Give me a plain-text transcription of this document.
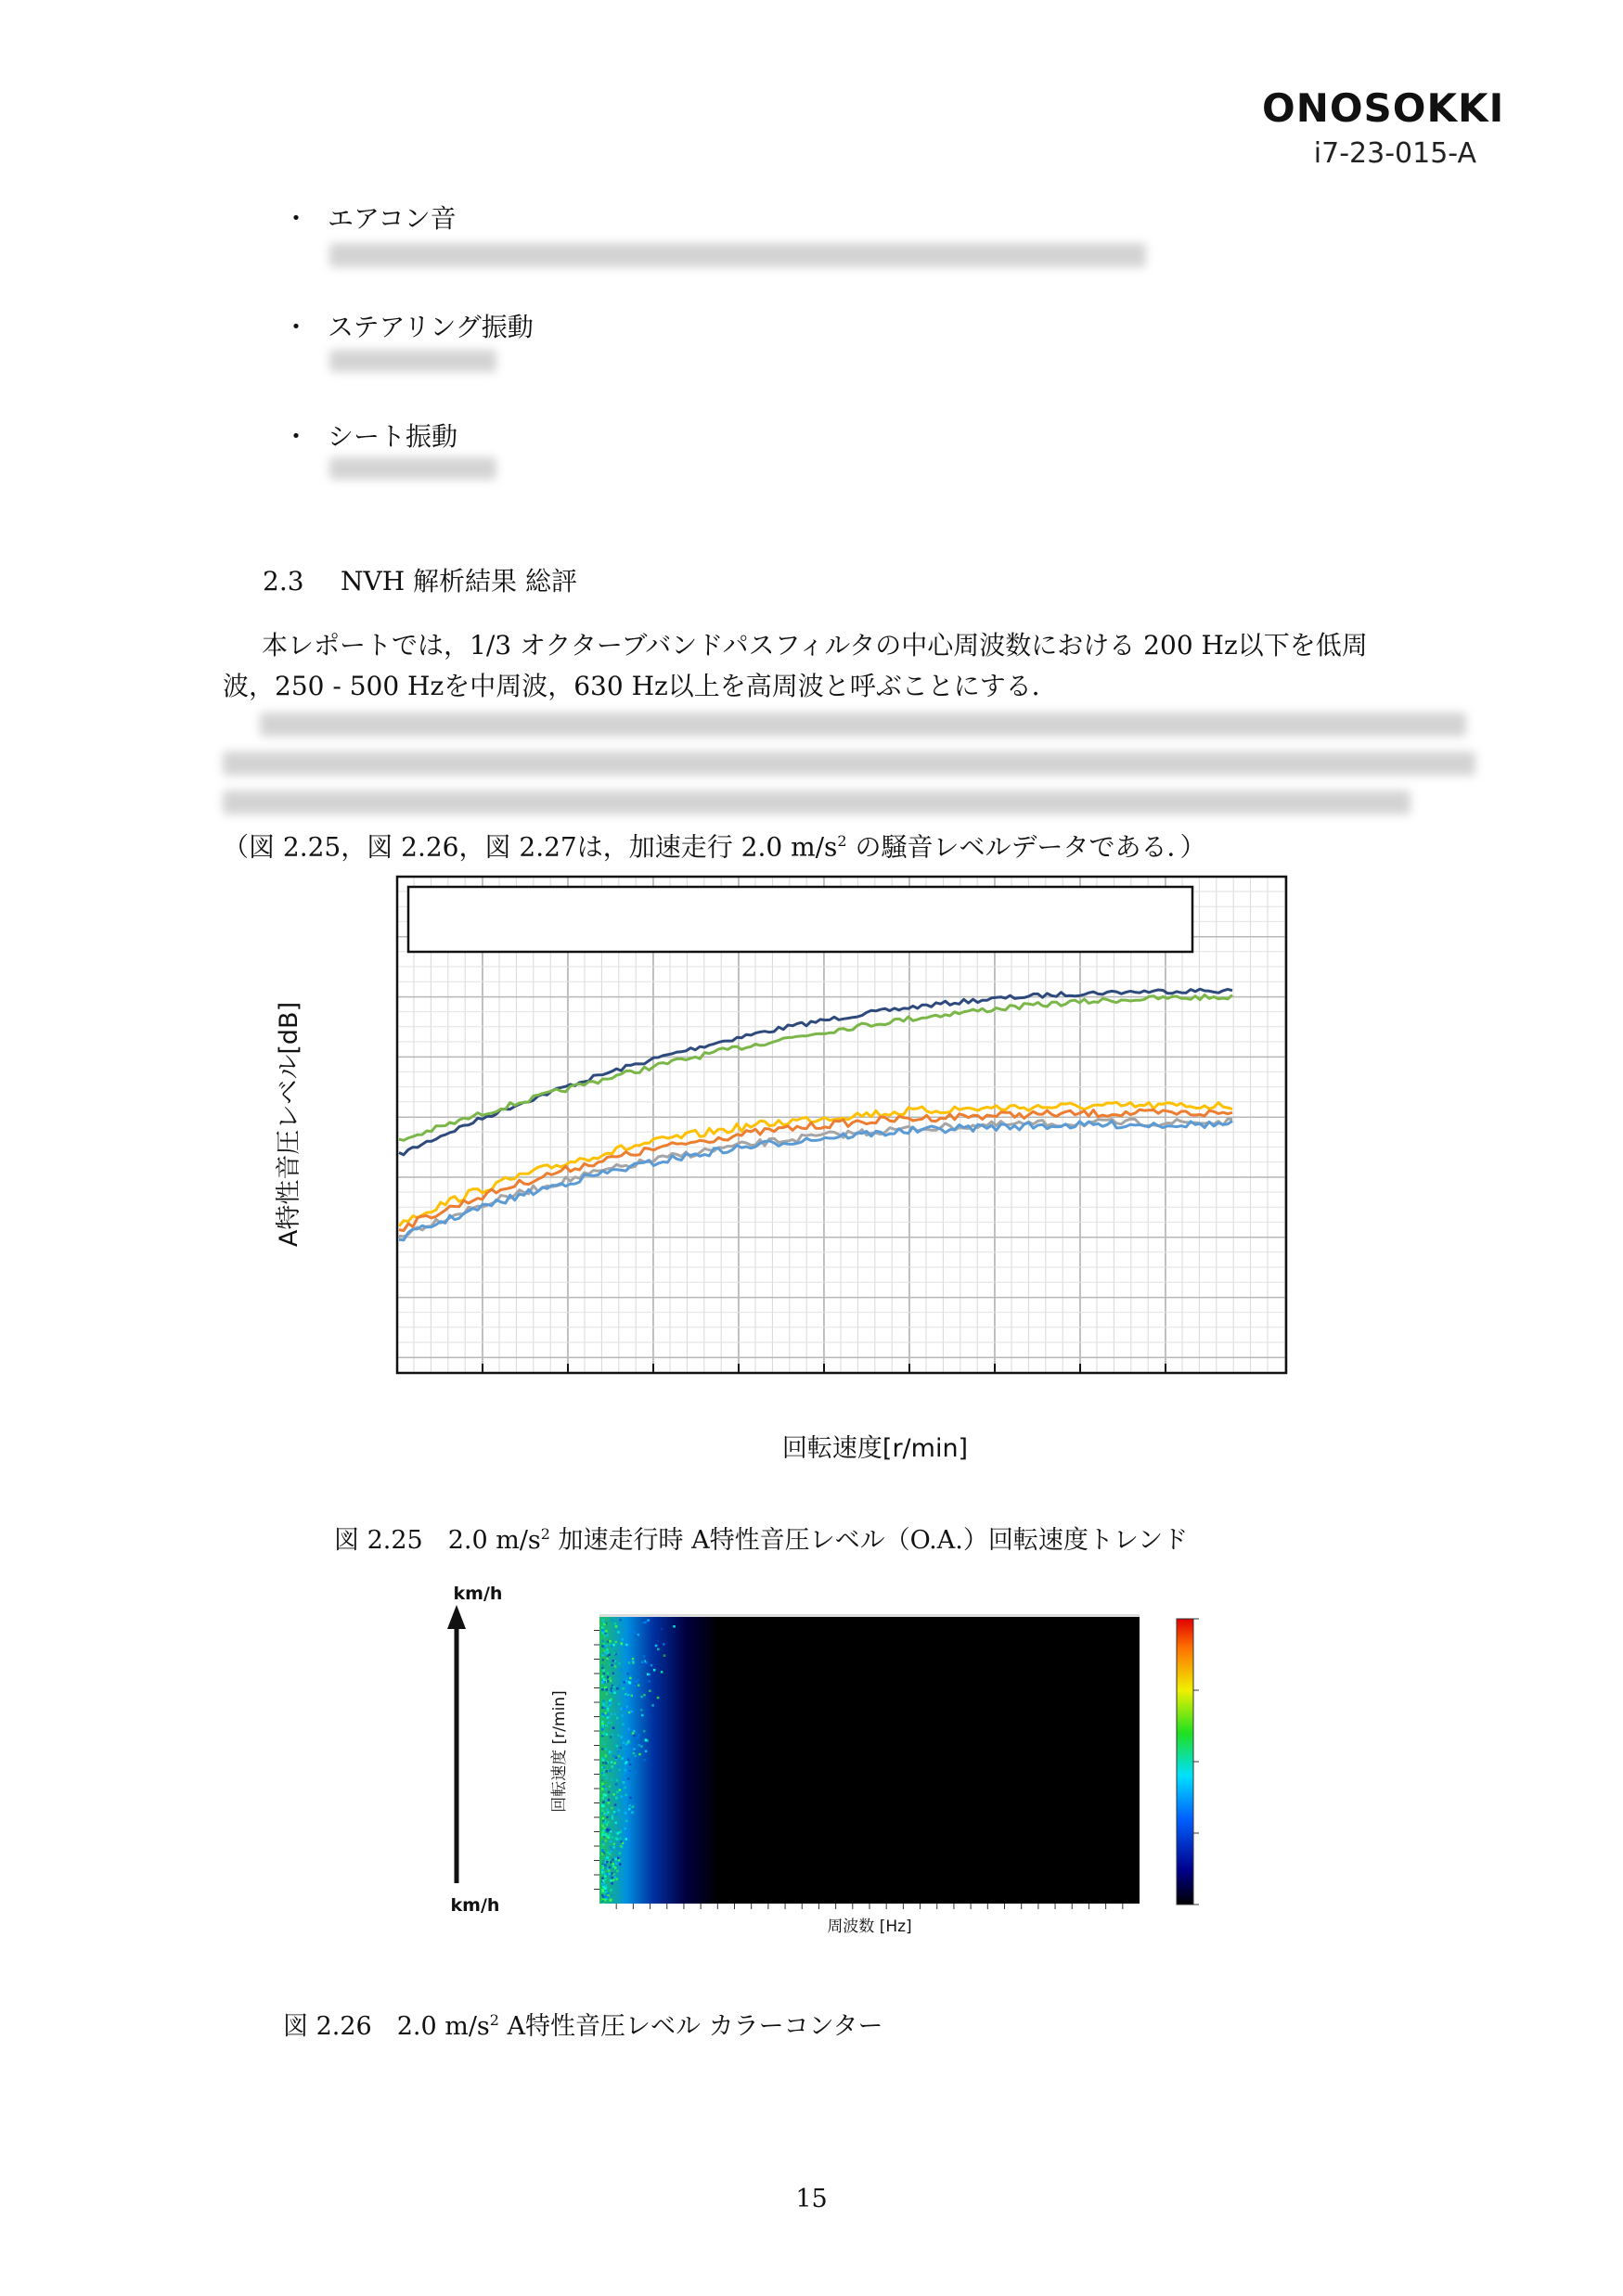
ONOSOKKI
i7-23-015-A
・ エアコン音
・ ステアリング振動
・ シート振動
2.3 NVH 解析結果 総評
本レポートでは，1/3 オクターブバンドパスフィルタの中心周波数における 200 Hz以下を低周
波，250 - 500 Hzを中周波，630 Hz以上を高周波と呼ぶことにする．
（図 2.25，図 2.26，図 2.27は，加速走行 2.0 $m/s^2$ の騒音レベルデータである．）
A特性音圧レベル[dB]
回転速度[r/min]
図 2.25　2.0 $m/s^2$ 加速走行時 A特性音圧レベル（O.A.）回転速度トレンド
km/h
km/h
回転速度 [r/min]
周波数 [Hz]
図 2.26　2.0 $m/s^2$ A特性音圧レベル カラーコンター
15
